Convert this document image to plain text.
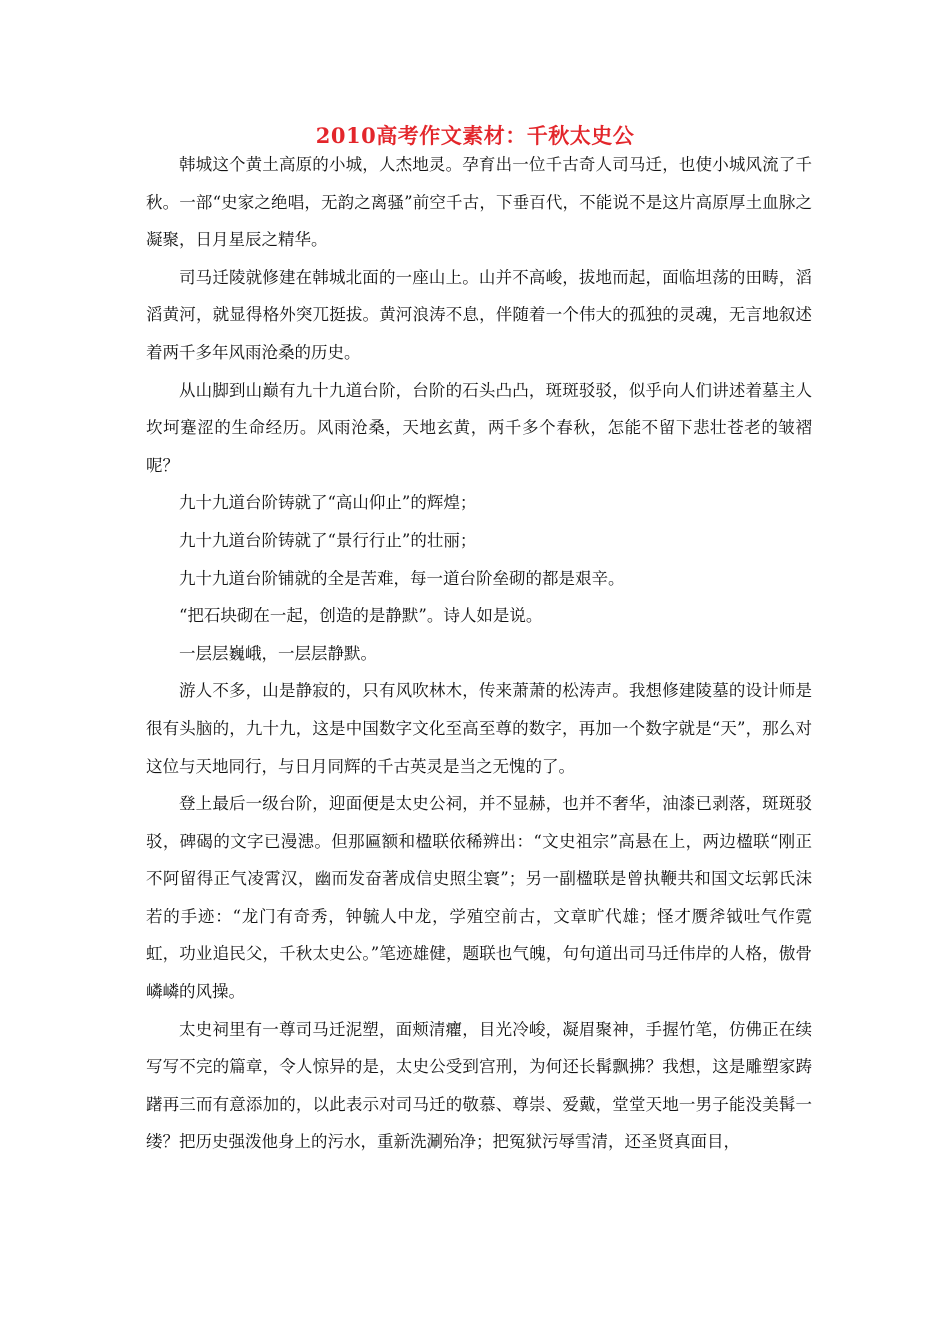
2010高考作文素材：千秋太史公

韩城这个黄土高原的小城，人杰地灵。孕育出一位千古奇人司马迁，也使小城风流了千秋。一部“史家之绝唱，无韵之离骚”前空千古，下垂百代，不能说不是这片高原厚土血脉之凝聚，日月星辰之精华。

司马迁陵就修建在韩城北面的一座山上。山并不高峻，拔地而起，面临坦荡的田畴，滔滔黄河，就显得格外突兀挺拔。黄河浪涛不息，伴随着一个伟大的孤独的灵魂，无言地叙述着两千多年风雨沧桑的历史。

从山脚到山巅有九十九道台阶，台阶的石头凸凸，斑斑驳驳，似乎向人们讲述着墓主人坎坷蹇涩的生命经历。风雨沧桑，天地玄黄，两千多个春秋，怎能不留下悲壮苍老的皱褶呢？

九十九道台阶铸就了“高山仰止”的辉煌；

九十九道台阶铸就了“景行行止”的壮丽；

九十九道台阶铺就的全是苦难，每一道台阶垒砌的都是艰辛。

“把石块砌在一起，创造的是静默”。诗人如是说。

一层层巍峨，一层层静默。

游人不多，山是静寂的，只有风吹林木，传来萧萧的松涛声。我想修建陵墓的设计师是很有头脑的，九十九，这是中国数字文化至高至尊的数字，再加一个数字就是“天”，那么对这位与天地同行，与日月同辉的千古英灵是当之无愧的了。

登上最后一级台阶，迎面便是太史公祠，并不显赫，也并不奢华，油漆已剥落，斑斑驳驳，碑碣的文字已漫漶。但那匾额和楹联依稀辨出：“文史祖宗”高悬在上，两边楹联“刚正不阿留得正气凌霄汉，幽而发奋著成信史照尘寰”；另一副楹联是曾执鞭共和国文坛郭氏沫若的手迹：“龙门有奇秀，钟毓人中龙，学殖空前古，文章旷代雄；怪才赝斧钺吐气作霓虹，功业追民父，千秋太史公。”笔迹雄健，题联也气魄，句句道出司马迁伟岸的人格，傲骨嶙嶙的风操。

太史祠里有一尊司马迁泥塑，面颊清癯，目光冷峻，凝眉聚神，手握竹笔，仿佛正在续写写不完的篇章，令人惊异的是，太史公受到宫刑，为何还长髯飘拂？我想，这是雕塑家踌躇再三而有意添加的，以此表示对司马迁的敬慕、尊崇、爱戴，堂堂天地一男子能没美髯一缕？把历史强泼他身上的污水，重新洗涮殆净；把冤狱污辱雪清，还圣贤真面目，
